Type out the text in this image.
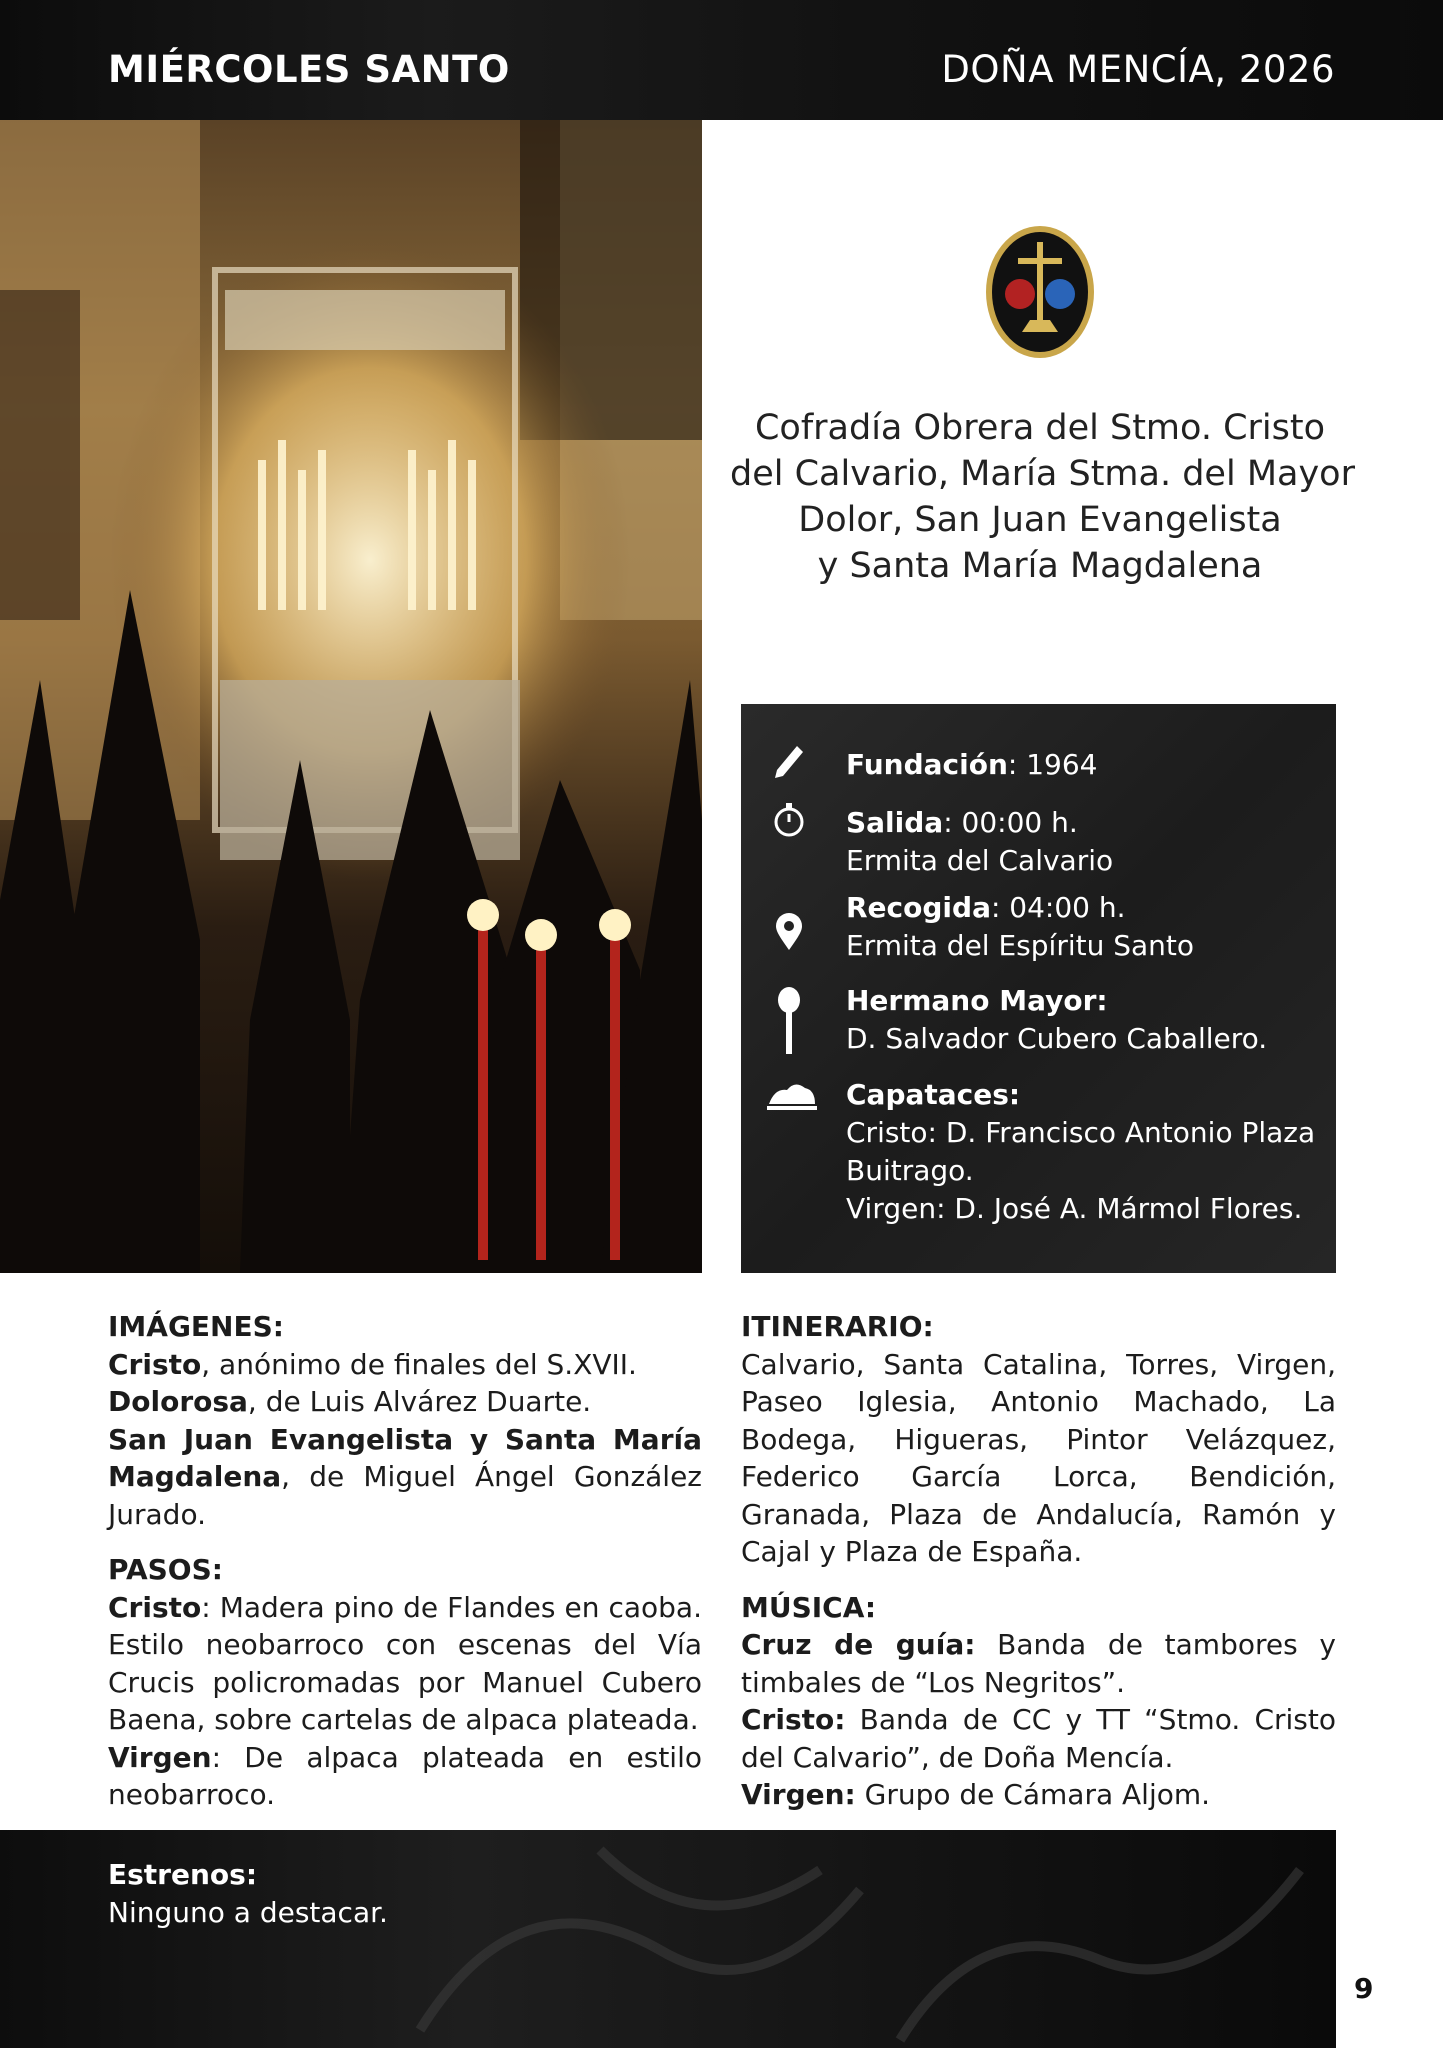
MIÉRCOLES SANTO	DOÑA MENCÍA, 2026
Cofradía Obrera del Stmo. Cristo
del Calvario, María Stma. del Mayor
Dolor, San Juan Evangelista
y Santa María Magdalena
Fundación: 1964
Salida: 00:00 h.
Ermita del Calvario
Recogida: 04:00 h.
Ermita del Espíritu Santo
Hermano Mayor:
D. Salvador Cubero Caballero.
Capataces:
Cristo: D. Francisco Antonio Plaza
Buitrago.
Virgen: D. José A. Mármol Flores.
IMÁGENES:
Cristo, anónimo de finales del S.XVII.
Dolorosa, de Luis Alvárez Duarte.
San Juan Evangelista y Santa María Magdalena, de Miguel Ángel González Jurado.
PASOS:
Cristo: Madera pino de Flandes en caoba. Estilo neobarroco con escenas del Vía Crucis policromadas por Manuel Cubero Baena, sobre cartelas de alpaca plateada.
Virgen: De alpaca plateada en estilo neobarroco.
ITINERARIO:
Calvario, Santa Catalina, Torres, Virgen, Paseo Iglesia, Antonio Machado, La Bodega, Higueras, Pintor Velázquez, Federico García Lorca, Bendición, Granada, Plaza de Andalucía, Ramón y Cajal y Plaza de España.
MÚSICA:
Cruz de guía: Banda de tambores y timbales de “Los Negritos”.
Cristo: Banda de CC y TT “Stmo. Cristo del Calvario”, de Doña Mencía.
Virgen: Grupo de Cámara Aljom.
Estrenos:
Ninguno a destacar.
9
